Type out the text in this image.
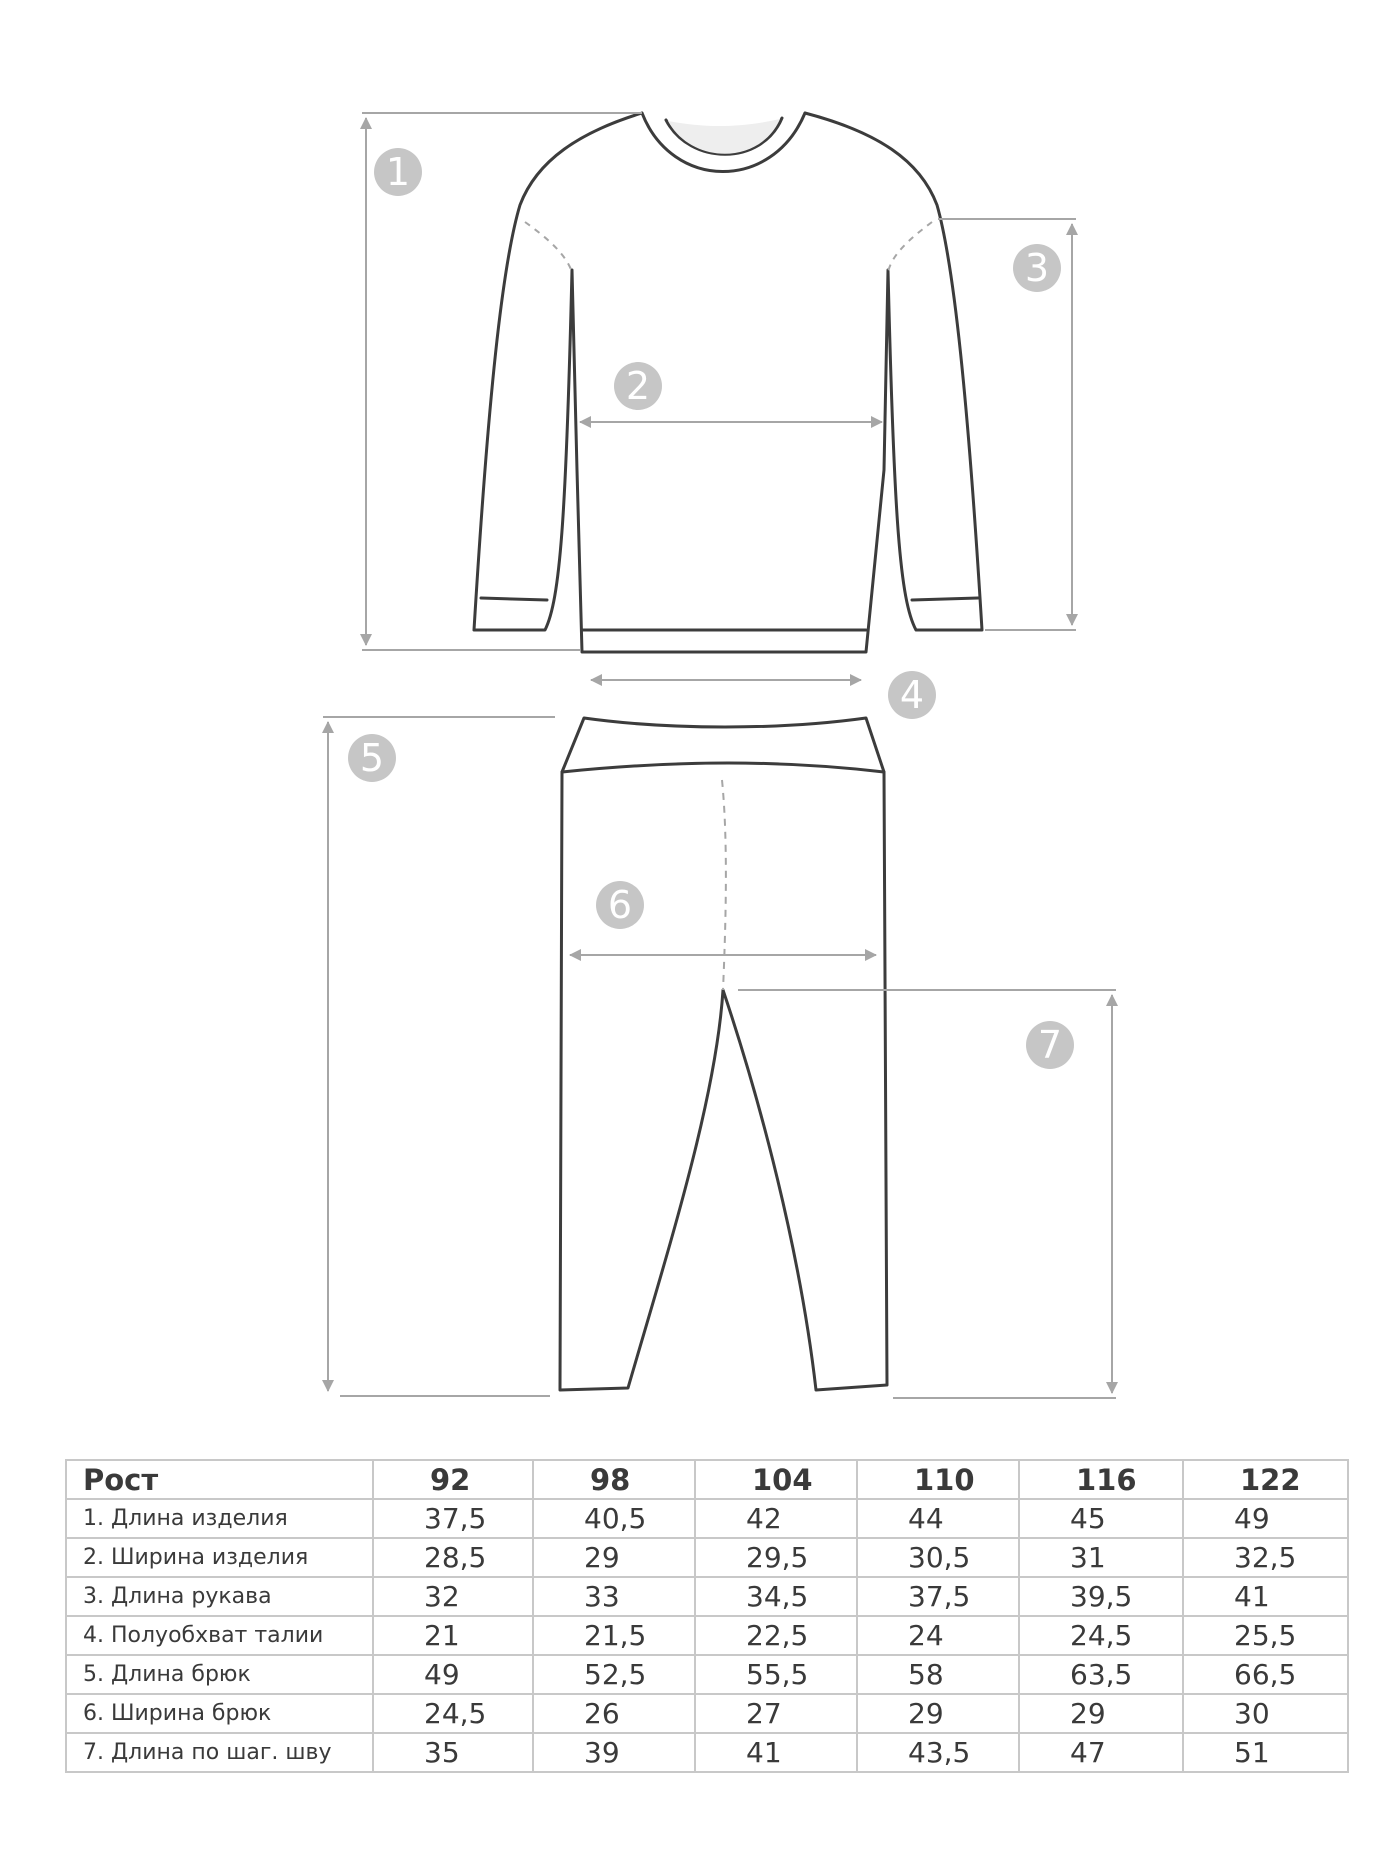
1
2
3
4
5
6
7
Рост	92	98	104	110	116	122
1. Длина изделия	37,5	40,5	42	44	45	49
2. Ширина изделия	28,5	29	29,5	30,5	31	32,5
3. Длина рукава	32	33	34,5	37,5	39,5	41
4. Полуобхват талии	21	21,5	22,5	24	24,5	25,5
5. Длина брюк	49	52,5	55,5	58	63,5	66,5
6. Ширина брюк	24,5	26	27	29	29	30
7. Длина по шаг. шву	35	39	41	43,5	47	51
